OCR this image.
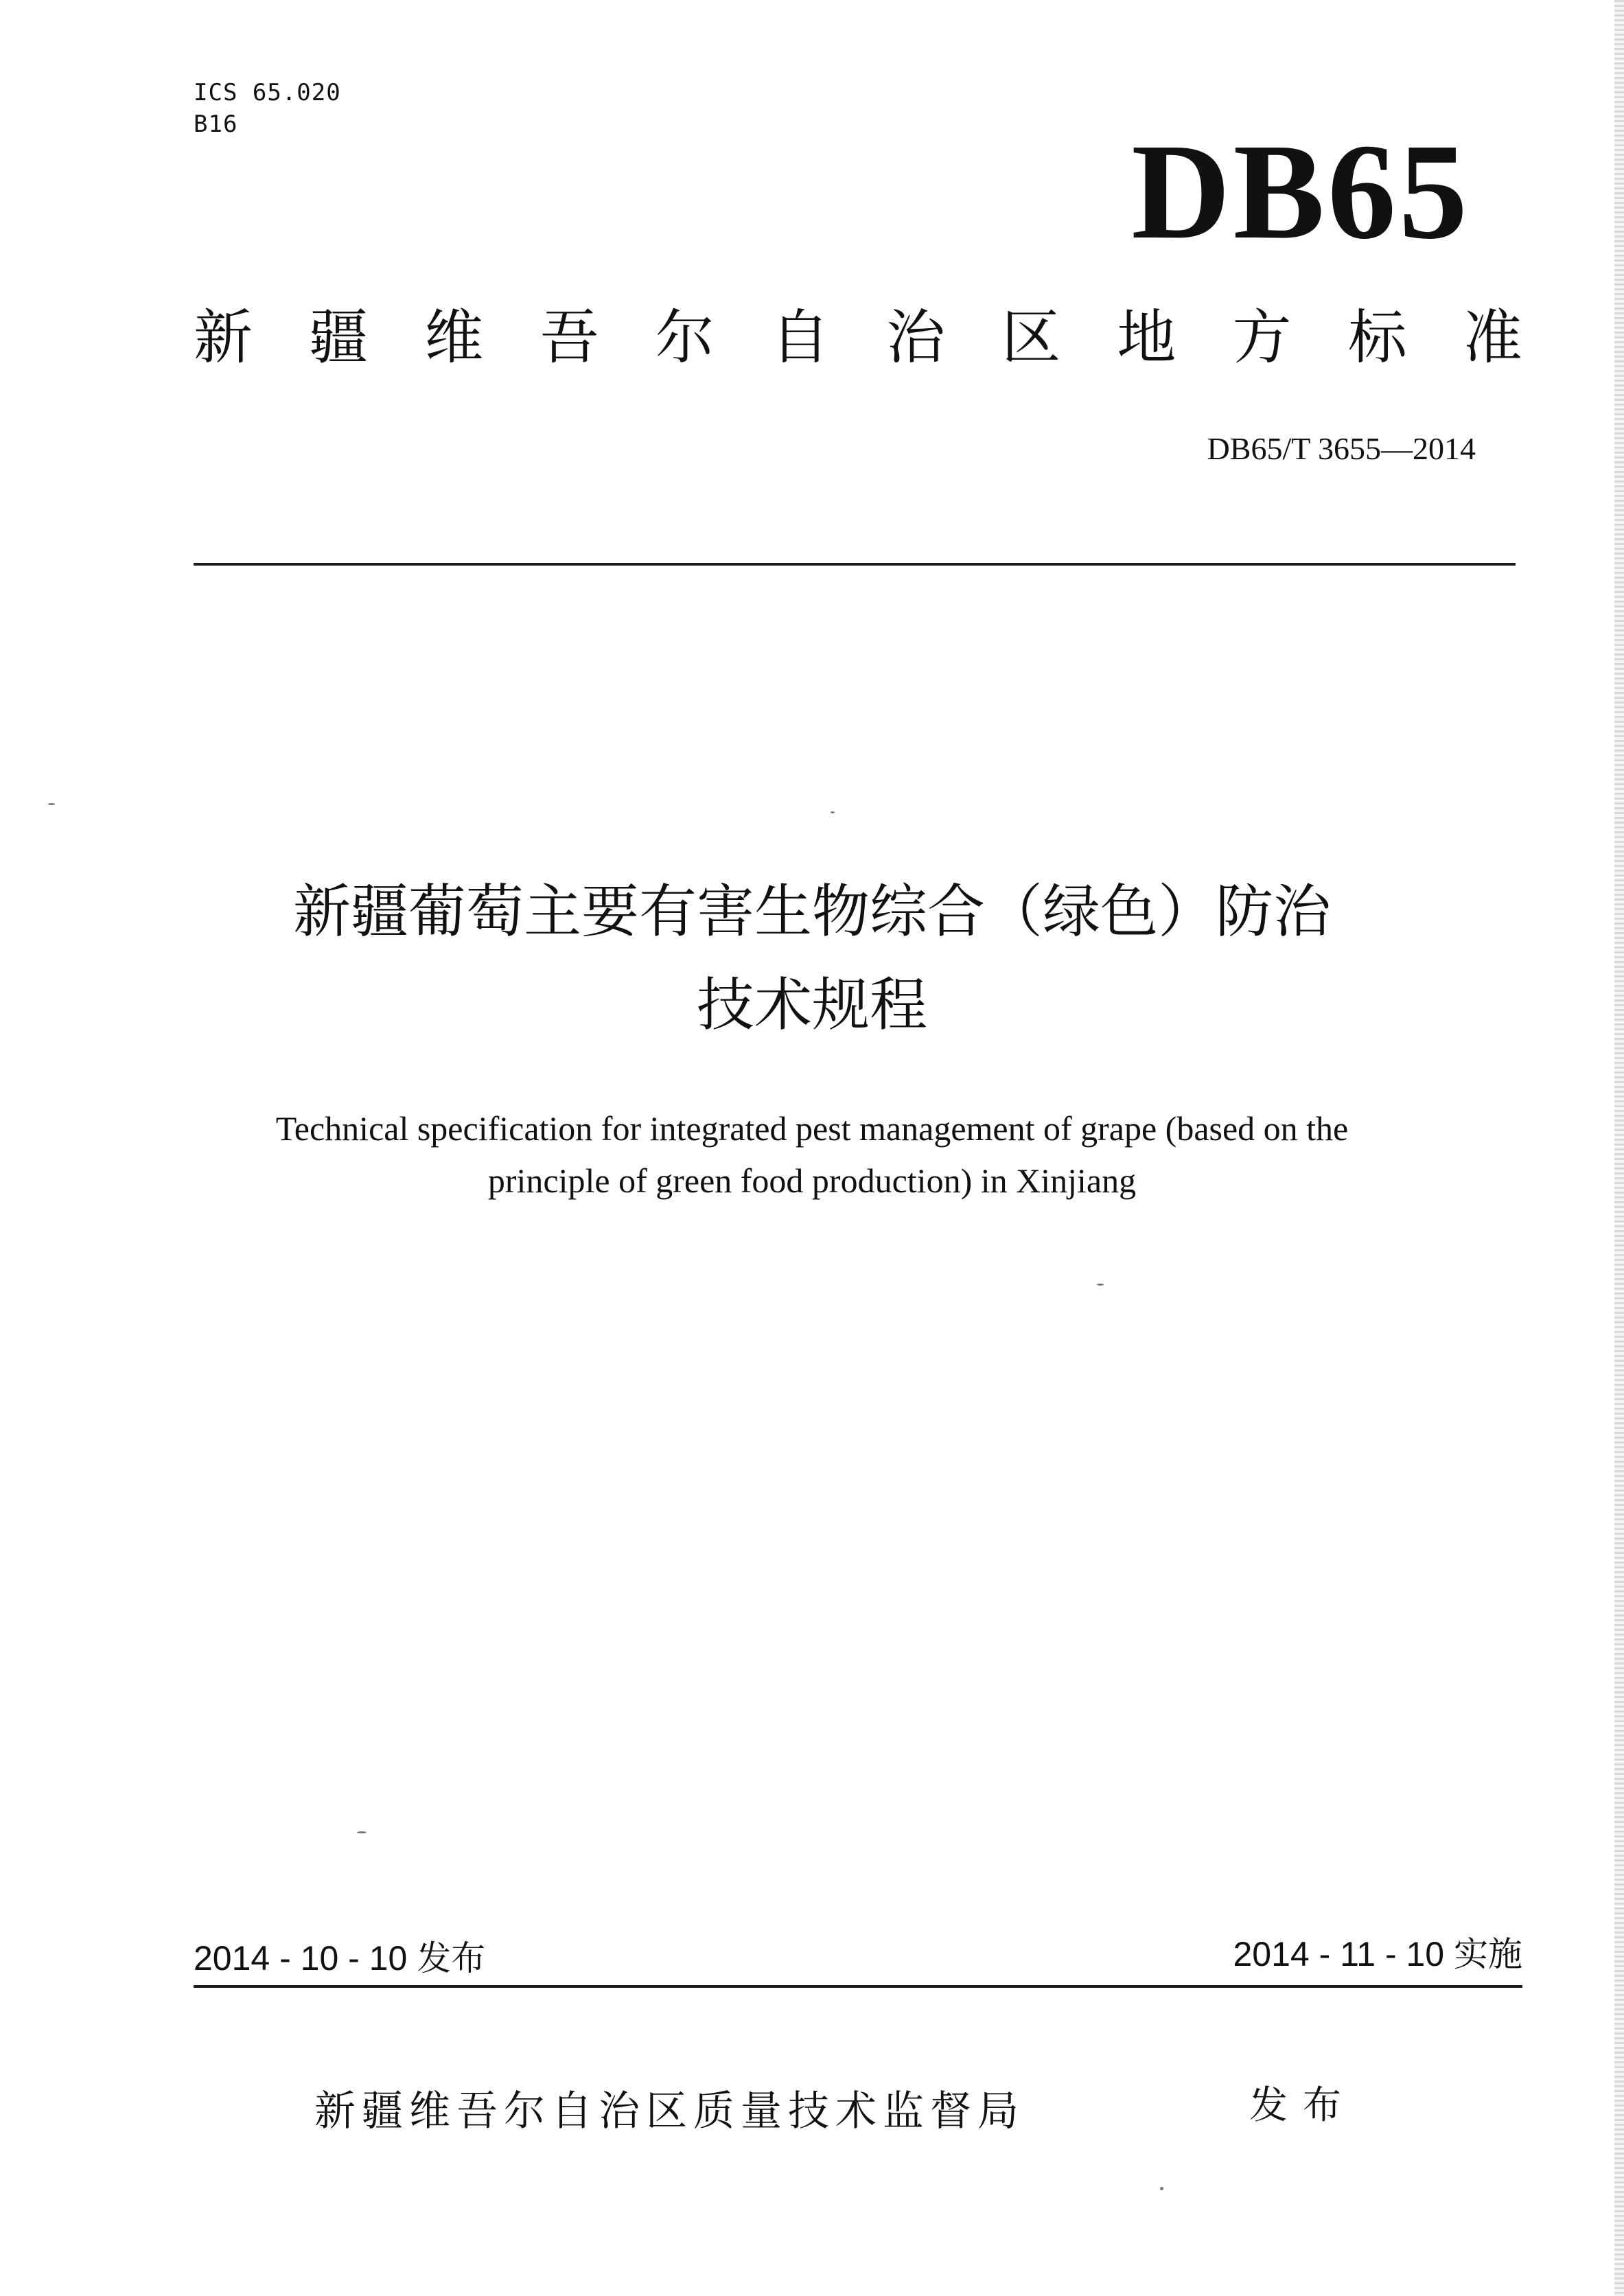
ICS 65.020
B16	DB65
新 疆 维 吾 尔 自 治 区 地 方 标 准
DB65/T 3655—2014
新疆葡萄主要有害生物综合（绿色）防治
技术规程
Technical specification for integrated pest management of grape (based on the
principle of green food production) in Xinjiang
2014 - 10 - 10 发布	2014 - 11 - 10 实施
新疆维吾尔自治区质量技术监督局	发布
